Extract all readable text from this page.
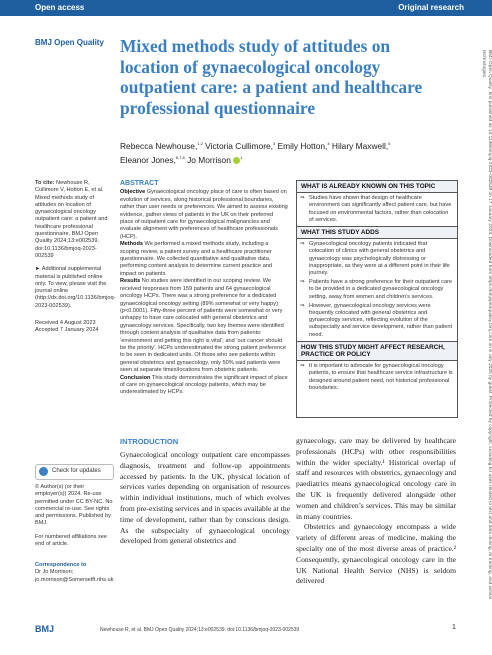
Open access	Original research
BMJ Open Quality Mixed methods study of attitudes on location of gynaecological oncology outpatient care: a patient and healthcare professional questionnaire
Rebecca Newhouse,$^{1,2}$ Victoria Cullimore,$^3$ Emily Hotton,$^4$ Hilary Maxwell,$^5$
Eleanor Jones,$^{6,7,8}$ Jo Morrison $^1$
To cite: Newhouse R, Cullimore V, Hotton E, et al. Mixed methods study of attitudes on location of gynaecological oncology outpatient care: a patient and healthcare professional questionnaire. BMJ Open Quality 2024;13:e002539. doi:10.1136/bmjoq-2023-002539
► Additional supplemental material is published online only. To view, please visit the journal online (http://dx.doi.org/10.1136/bmjoq-2023-002539).
Received 4 August 2023
Accepted 7 January 2024
Check for updates
© Author(s) (or their employer(s)) 2024. Re-use permitted under CC BY-NC. No commercial re-use. See rights and permissions. Published by BMJ.
For numbered affiliations see end of article.
Correspondence to
Dr Jo Morrison;
jo.morrison@Somersetft.nhs.uk
ABSTRACT
Objective Gynaecological oncology place of care is often based on evolution of services, along historical professional boundaries, rather than user needs or preferences. We aimed to assess existing evidence, gather views of patients in the UK on their preferred place of outpatient care for gynaecological malignancies and evaluate alignment with preferences of healthcare professionals (HCP).
Methods We performed a mixed methods study, including a scoping review, a patient survey and a healthcare practitioner questionnaire. We collected quantitative and qualitative data, performing content analysis to determine current practice and impact on patients.
Results No studies were identified in our scoping review. We received responses from 159 patients and 64 gynaecological oncology HCPs. There was a strong preference for a dedicated gynaecological oncology setting (89% somewhat or very happy) (p<0.0001). Fifty-three percent of patients were somewhat or very unhappy to have care colocated with general obstetrics and gynaecology services. Specifically, two key themes were identified through content analysis of qualitative data from patients: ‘environment and getting this right is vital’; and ‘our cancer should be the priority’. HCPs underestimated the strong patient preference to be seen in dedicated units. Of those who see patients within general obstetrics and gynaecology, only 50% said patients were seen at separate times/locations from obstetric patients.
Conclusion This study demonstrates the significant impact of place of care on gynaecological oncology patients, which may be underestimated by HCPs.
WHAT IS ALREADY KNOWN ON THIS TOPIC
⇒ Studies have shown that design of healthcare environment can significantly affect patient care, but have focused on environmental factors, rather than colocation of services.
WHAT THIS STUDY ADDS
⇒ Gynaecological oncology patients indicated that colocation of clinics with general obstetrics and gynaecology was psychologically distressing or inappropriate, as they were at a different point in their life journey.
⇒ Patients have a strong preference for their outpatient care to be provided in a dedicated gynaecological oncology setting, away from women and children’s services.
⇒ However, gynaecological oncology services were frequently colocated with general obstetrics and gynaecology services, reflecting evolution of the subspecialty and service development, rather than patient need.
HOW THIS STUDY MIGHT AFFECT RESEARCH, PRACTICE OR POLICY
⇒ It is important to advocate for gynaecological oncology patients, to ensure that healthcare service infrastructure is designed around patient need, not historical professional boundaries.
INTRODUCTION
Gynaecological oncology outpatient care encompasses diagnosis, treatment and follow-up appointments accessed by patients. In the UK, physical location of services varies depending on organisation of resources within individual institutions, much of which evolves from pre-existing services and in spaces available at the time of development, rather than by conscious design. As the subspecialty of gynaecological oncology developed from general obstetrics and

gynaecology, care may be delivered by healthcare professionals (HCPs) with other responsibilities within the wider specialty.¹ Historical overlap of staff and resources with obstetrics, gynaecology and paediatrics means gynaecological oncology care in the UK is frequently delivered alongside other women and children’s services. This may be similar in many countries.

Obstetrics and gynaecology encompass a wide variety of different areas of medicine, making the specialty one of the most diverse areas of practice.² Consequently, gynaecological oncology care in the UK National Health Service (NHS) is seldom delivered

BMJ	Newhouse R, et al. BMJ Open Quality 2024;13:e002539. doi:10.1136/bmjoq-2023-002539	1
BMJ Open Quality: first published as 10.1136/bmjoq-2023-002539 on 17 January 2024. Downloaded from https://bmjopenquality.bmj.com on 6 July 2025 by guest. Protected by copyright, including for uses related to text and data mining, AI training, and similar technologies.
